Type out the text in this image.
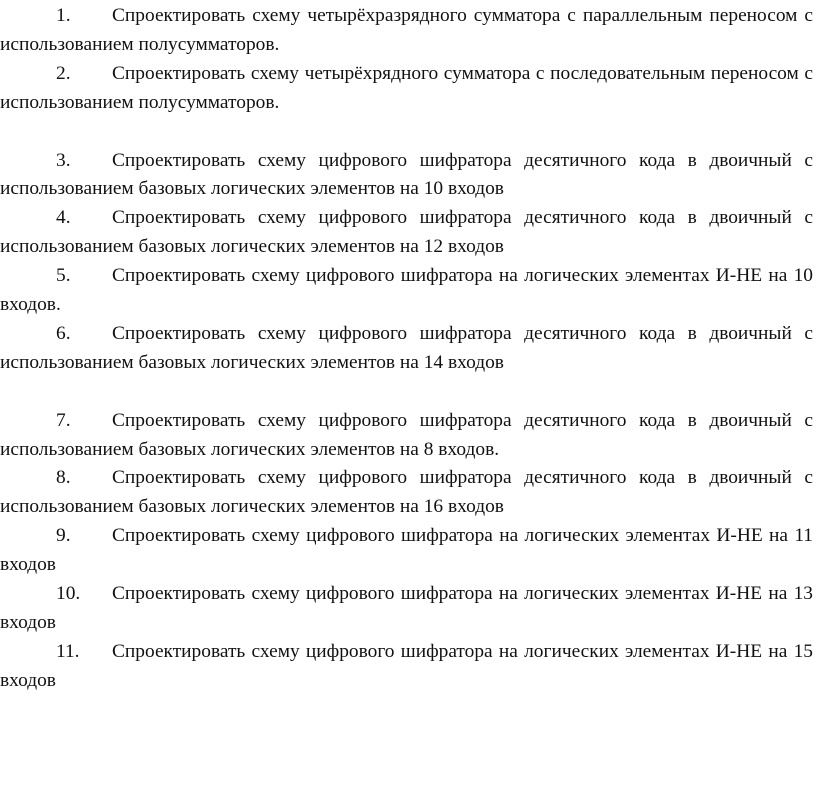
1. Спроектировать схему четырёхразрядного сумматора с параллельным переносом с использованием полусумматоров.

2. Спроектировать схему четырёхрядного сумматора с последовательным переносом с использованием полусумматоров.

3. Спроектировать схему цифрового шифратора десятичного кода в двоичный с использованием базовых логических элементов на 10 входов

4. Спроектировать схему цифрового шифратора десятичного кода в двоичный с использованием базовых логических элементов на 12 входов

5. Спроектировать схему цифрового шифратора на логических элементах И-НЕ на 10 входов.

6. Спроектировать схему цифрового шифратора десятичного кода в двоичный с использованием базовых логических элементов на 14 входов

7. Спроектировать схему цифрового шифратора десятичного кода в двоичный с использованием базовых логических элементов на 8 входов.

8. Спроектировать схему цифрового шифратора десятичного кода в двоичный с использованием базовых логических элементов на 16 входов

9. Спроектировать схему цифрового шифратора на логических элементах И-НЕ на 11 входов

10. Спроектировать схему цифрового шифратора на логических элементах И-НЕ на 13 входов

11. Спроектировать схему цифрового шифратора на логических элементах И-НЕ на 15 входов
